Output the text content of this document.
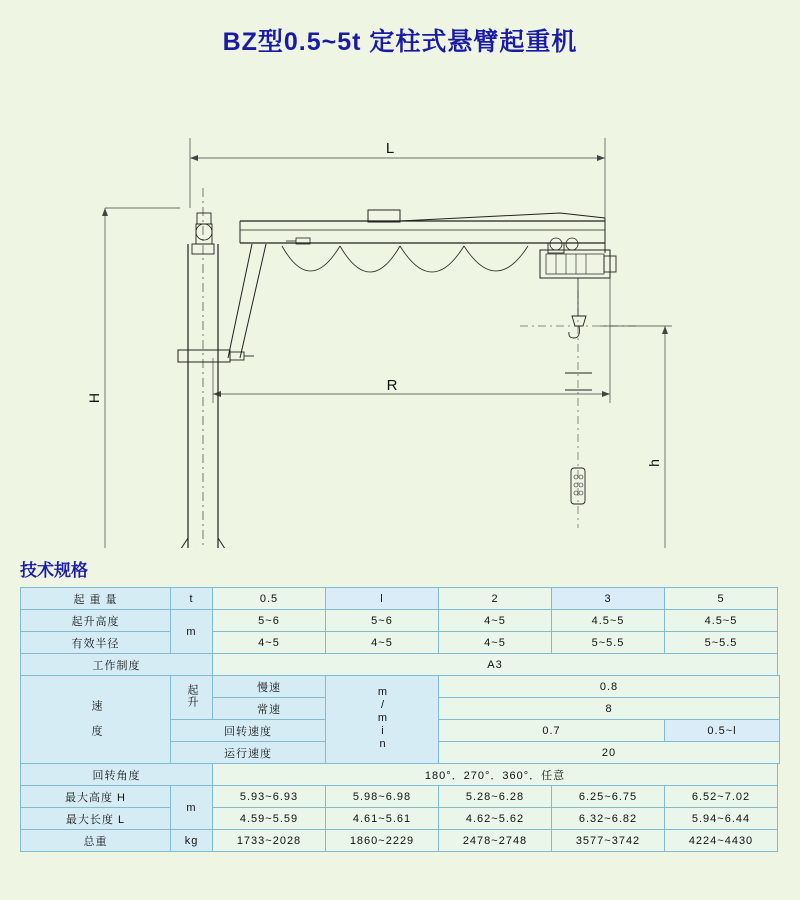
BZ型0.5~5t 定柱式悬臂起重机
L
R
H
h
技术规格
起 重 量	t	0.5	l	2	3	5
起升高度	m	5~6	5~6	4~5	4.5~5	4.5~5
有效半径		4~5	4~5	4~5	5~5.5	5~5.5
工作制度		A3				
速 度	起升	慢速	m/min	0.8		
		常速		8		
	回转速度			0.7		0.5~l
	运行速度			20		
回转角度		180°．270°．360°．任意				
最大高度 H	m	5.93~6.93	5.98~6.98	5.28~6.28	6.25~6.75	6.52~7.02
最大长度 L		4.59~5.59	4.61~5.61	4.62~5.62	6.32~6.82	5.94~6.44
总重	kg	1733~2028	1860~2229	2478~2748	3577~3742	4224~4430
